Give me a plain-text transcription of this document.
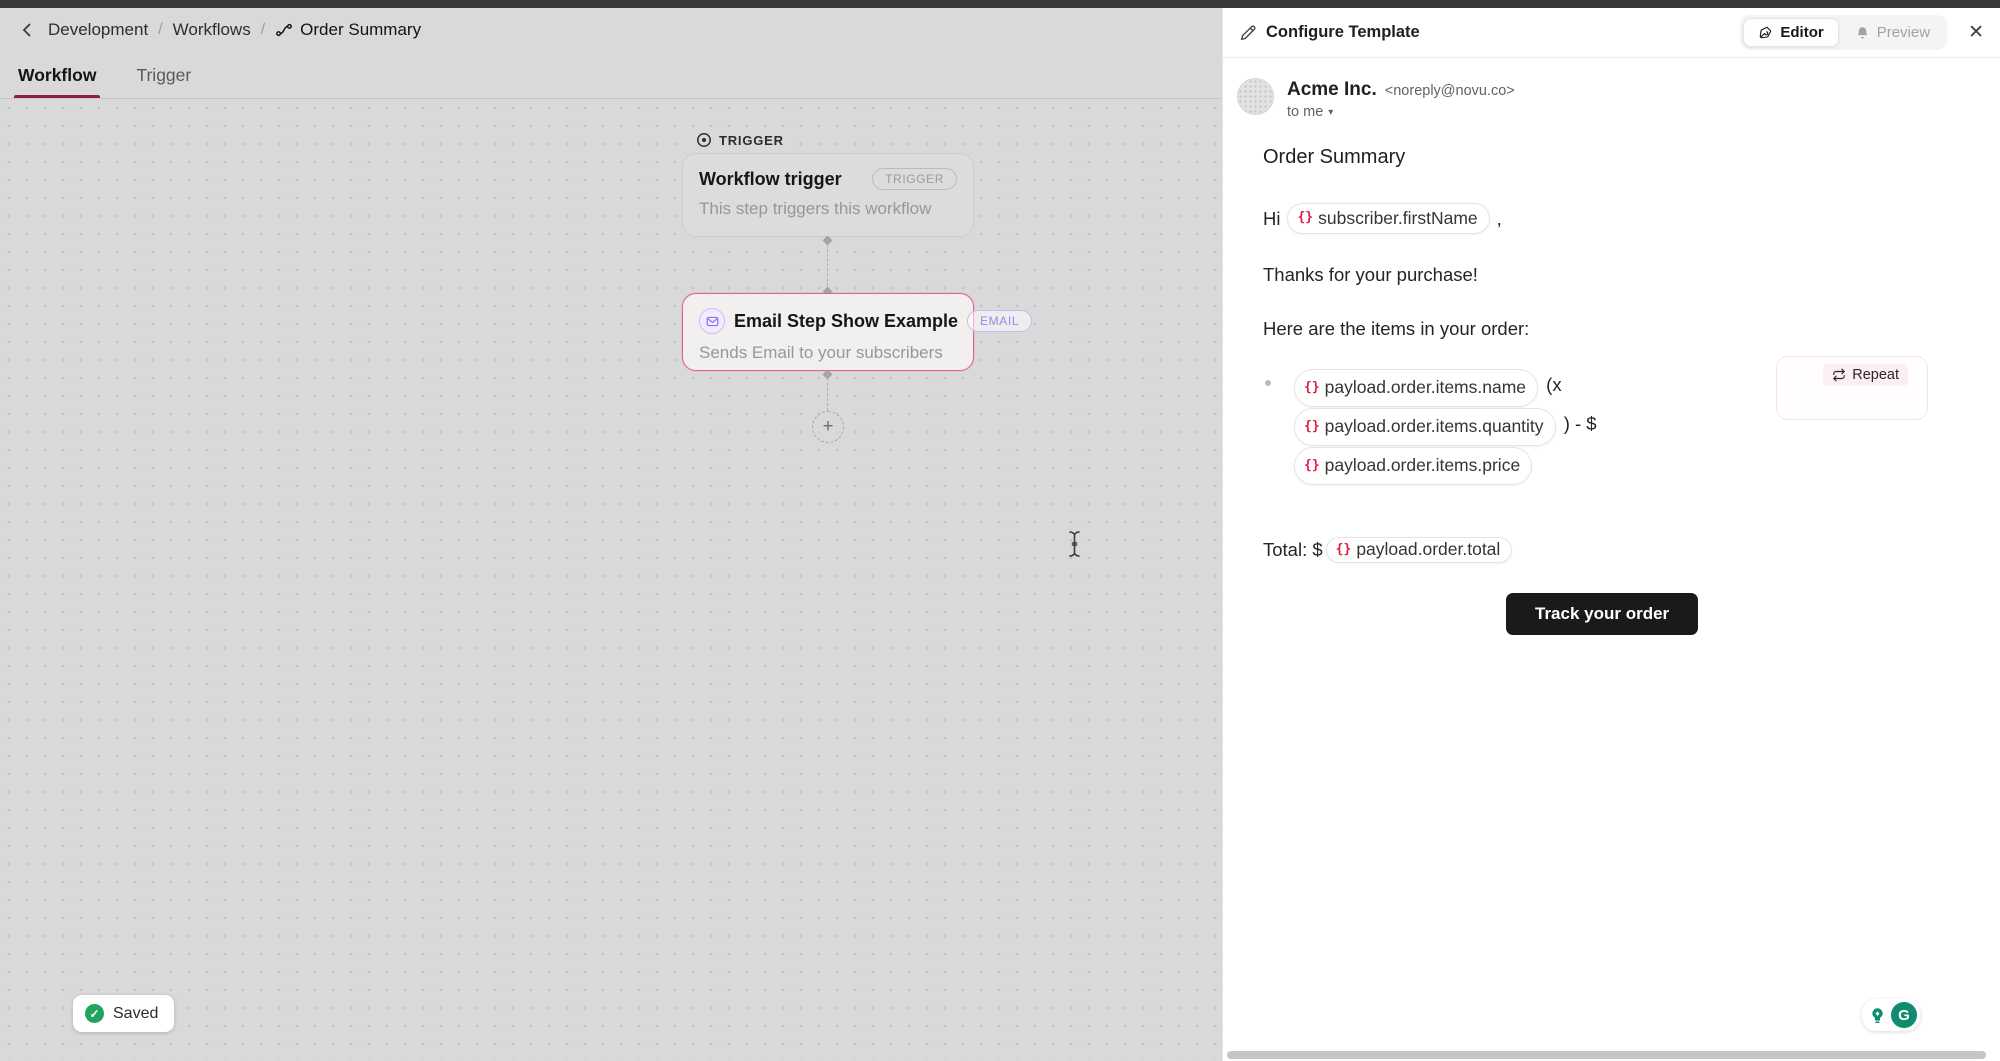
Development / Workflows / Order Summary
Workflow Trigger
TRIGGER
Workflow trigger	TRIGGER
This step triggers this workflow
Email Step Show Example	EMAIL
Sends Email to your subscribers
+
✓ Saved
Configure Template	Editor	Preview ✕
Acme Inc. <noreply@novu.co>
to me ▾
Order Summary
Hi {} subscriber.firstName ,
Thanks for your purchase!
Here are the items in your order:
{} payload.order.items.name (x
{} payload.order.items.quantity ) - $

{} payload.order.items.price
Repeat
Total: $ {} payload.order.total
Track your order
G
